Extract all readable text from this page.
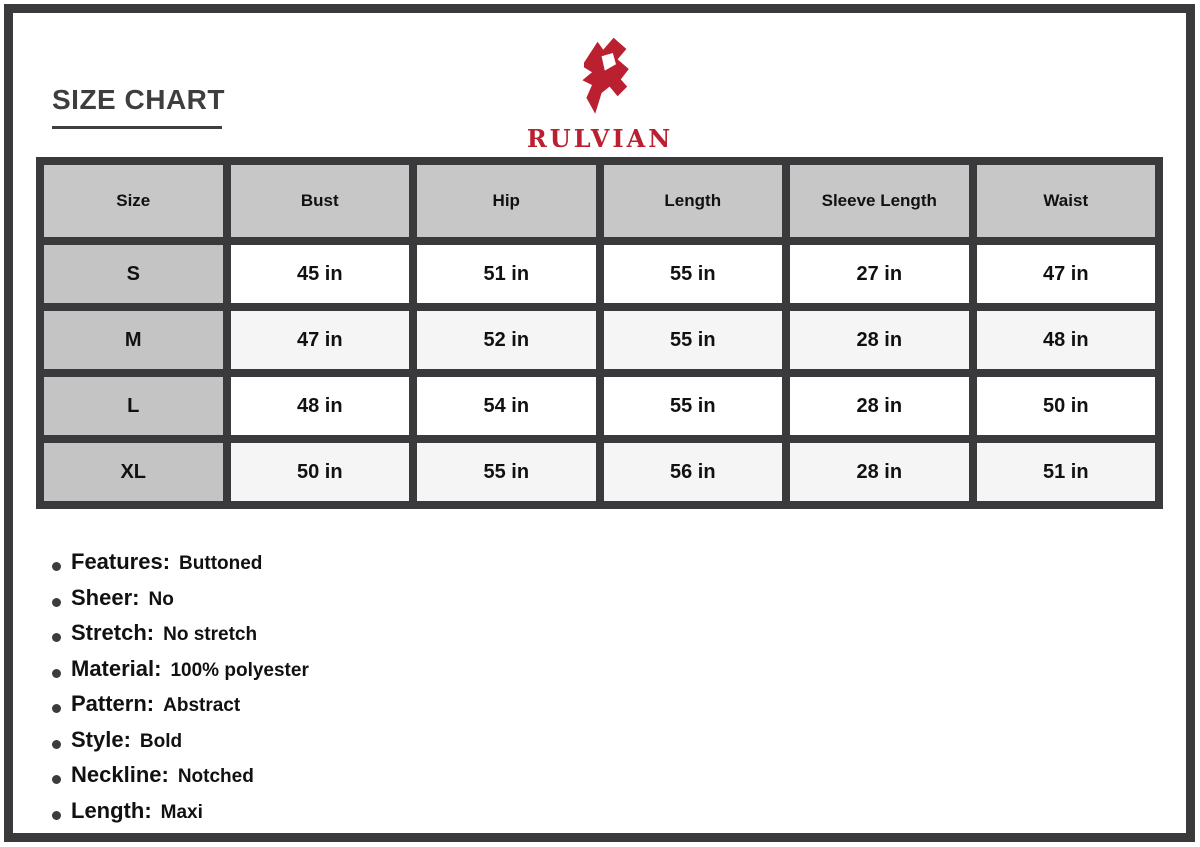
SIZE CHART
RULVIAN
Size	Bust	Hip	Length	Sleeve Length	Waist
S	45 in	51 in	55 in	27 in	47 in
M	47 in	52 in	55 in	28 in	48 in
L	48 in	54 in	55 in	28 in	50 in
XL	50 in	55 in	56 in	28 in	51 in
Features: Buttoned
Sheer: No
Stretch: No stretch
Material: 100% polyester
Pattern: Abstract
Style: Bold
Neckline: Notched
Length: Maxi
